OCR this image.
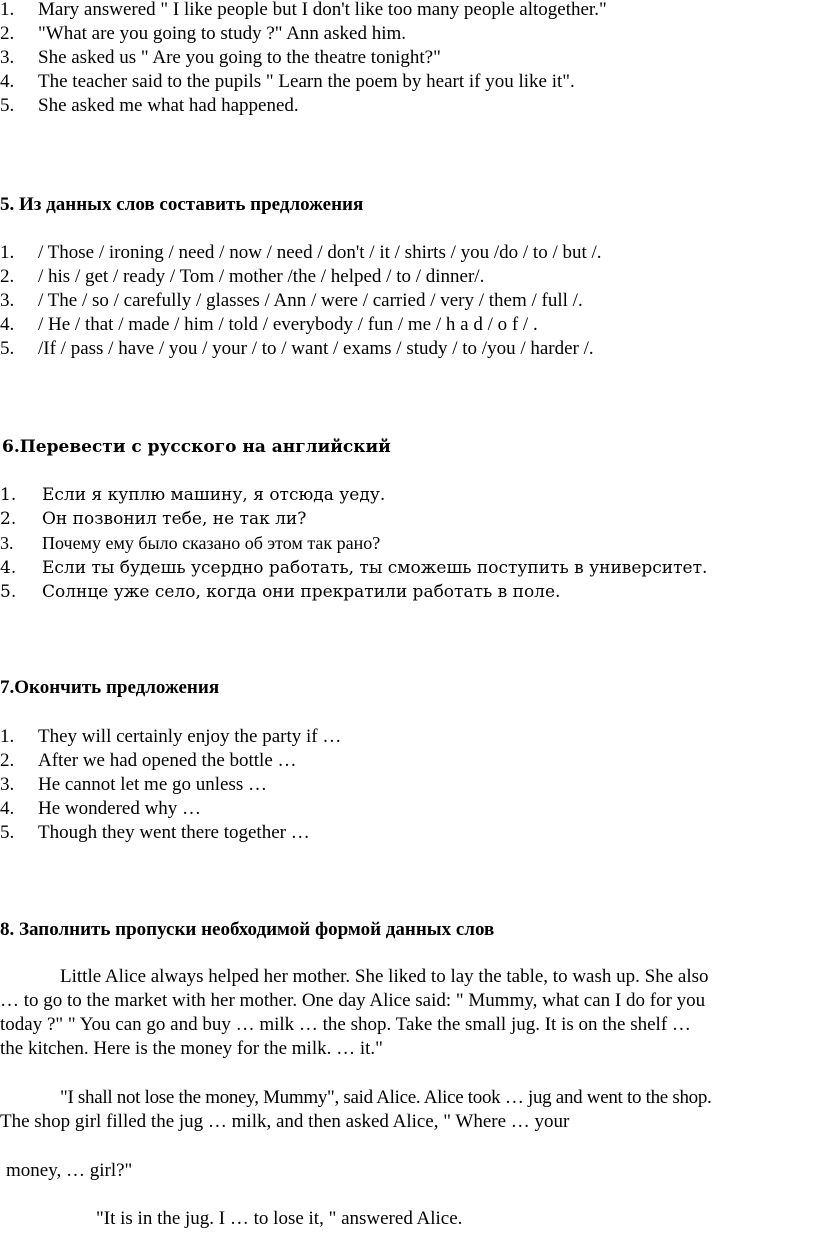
1.	Mary answered " I like people but I don't like too many people altogether."
2.	"What are you going to study ?" Ann asked him.
3.	She asked us " Are you going to the theatre tonight?"
4.	The teacher said to the pupils " Learn the poem by heart if you like it".
5.	She asked me what had happened.
5. Из данных слов составить предложения
1.	/ Those / ironing / need / now / need / don't / it / shirts / you /do / to / but /.
2.	/ his / get / ready / Tom / mother /the / helped / to / dinner/.
3.	/ The / so / carefully / glasses / Ann / were / carried / very / them / full /.
4.	/ He / that / made / him / told / everybody / fun / me / h a d / o f / .
5.	/If / pass / have / you / your / to / want / exams / study / to /you / harder /.
6.Перевести с русского на английский
1.	Если я куплю машину, я отсюда уеду.
2.	Он позвонил тебе, не так ли?
3.	Почему ему было сказано об этом так рано?
4.	Если ты будешь усердно работать, ты сможешь поступить в университет.
5.	Солнце уже село, когда они прекратили работать в поле.
7.Окончить предложения
1.	They will certainly enjoy the party if …
2.	After we had opened the bottle …
3.	He cannot let me go unless …
4.	He wondered why …
5.	Though they went there together …
8. Заполнить пропуски необходимой формой данных слов
Little Alice always helped her mother. She liked to lay the table, to wash up. She also
… to go to the market with her mother. One day Alice said: " Mummy, what can I do for you
today ?" " You can go and buy … milk … the shop. Take the small jug. It is on the shelf …
the kitchen. Here is the money for the milk. … it."
"I shall not lose the money, Mummy", said Alice. Alice took … jug and went to the shop.
The shop girl filled the jug … milk, and then asked Alice, " Where … your
money, … girl?"
"It is in the jug. I … to lose it, " answered Alice.
